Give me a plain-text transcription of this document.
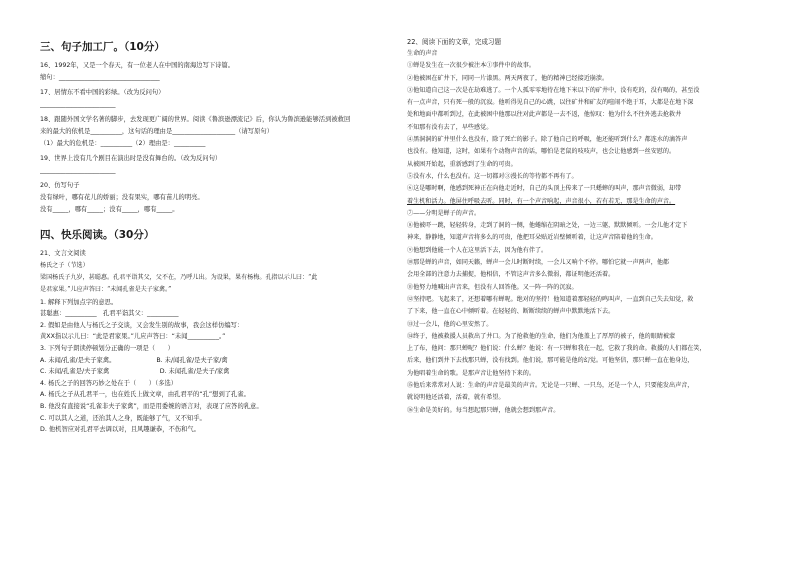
三、句子加工厂。（10分）
16、1992年，又是一个春天，有一位老人在中国的南海边写下诗篇。
缩句：________________________________
17、居情东不看中国的彩绿。（改为反问句）
________________________
18、跟随外国文学名著的脚步，去发现更广阔的世界。阅读《鲁滨逊漂流记》后，你认为鲁滨逊能够活到被救回
来的最大的依机是__________，这句话的理由是____________________（请写原句）
（1）最大的危机是：__________（2）理由是：__________
19、世界上没有几个剧目在演出时是没有舞台的。（改为反问句）
________________________
20、仿写句子
没有绿叶，哪有花儿的娇丽；没有果实，哪有苗儿的明亮。
没有_____，哪有_____；没有_____，哪有_____。
四、快乐阅读。（30分）
21、文言文阅读
杨氏之子（节选）
梁国杨氏子九岁，甚聪惠。孔君平诣其父，父不在，乃呼儿出。为设果，果有杨梅。孔指以示儿曰：“此
是君家果。”儿应声答曰：“未闻孔雀是夫子家禽。”
1. 解释下列加点字的意思。
甚聪惠：__________　孔君平诣其父：__________
2. 假如是由他人与杨氏之子交谈，又会发生别的故事，我会这样仿编写：
黄XX指以示儿曰：“此是君家果。”儿应声答曰：“未闻__________。”
3. 下列句子朗读停顿划分正确的一项是（　　）
A. 未闻/孔雀/是夫子家禽。　　　　　　　B. 未/闻孔雀/是夫子家/禽
C. 未闻/孔雀是/夫子家禽　　　　　　　　D. 未闻孔雀/是夫子/家禽
4. 杨氏之子的回答巧妙之处在于（　　）（多选）
A. 杨氏之子从孔君平一，也在姓氏上做文章，由孔君平的“孔”想到了孔雀。
B. 他没有直接说“孔雀非夫子家禽”，而是用委婉的语言对，表现了应答的乳意。
C. 可以其人之道，还治其人之身，既能够了气，又不知乎。
D. 他机智应对孔君平去调以对，且风趣谦恭，不伤和气。
22、阅读下面的文章，完成习题
生命的声音
①蝉是发生在一次很少被注本①事件中的故事。
②他被困在矿井下，同同一片漆黑。两天两夜了，他的精神已经接近崩溃。
③他知道自己这一次是在劫难逃了。一个人孤零零地待在地下米以下的矿井中，没有吃的，没有喝的，甚至没
有一点声音，只有死一般的沉寂。他听得见自己的心跳，以往矿井和矿友的喧闹不绝于耳，大都是在地下深
处和地面中都听到过，在此被困中他那以往对此声都是一去不返，他惊叹：他为什么不往外逃去抢救井
不知那有没有去了，早些感觉。
④黑洞洞的矿井里什么也没有，除了死亡的影子。除了他自己的呼吸，他还能听到什么？都连水的滴答声
也没有。他知道，这时，如果有个动物声音的话，哪怕是老鼠的吱吱声，也会让他感到一丝安慰的。
从被困开始起，重新感到了生命的可贵。
⑤没有水，什么也没有。这一切都对③漫长的等待都不再有了。
⑥这是哪时啊，他感到死神正在向他走近时，自己的头顶上传来了一只蟋蟀的叫声，那声音微弱，却带
着生机和活力。他屏住呼吸去听。同时，有一个声音响起，声音很小，若有若无，那是生命的声音。
⑦——分明是蝉子的声音。
⑧他被吓一跳，轻轻转身，走到了洞的一侧，他蜷缩在阴暗之处，一边三躯，默默倾听。一会儿他才定下
神来，静静地，知道声音将多么的可贵，他把耳朵贴近岩壁倾听着，让这声音陪着他的生命。
⑨他想到他能一个人在这里活下去，因为他有伴了。
⑩那是蝉的声音，如同天籁，蝉声一会儿时断时续，一会儿又响个不停。哪怕它就一声两声，他都
会用全部的注意力去捕捉，他相信，不管这声音多么微弱，都证明他还活着。
⑪他努力地喊出声音来，但没有人回答他。又一阵一阵的沉寂。
⑫坚持吧。飞起来了，还想着哪有蝉呢。绝对的坚持！他知道着那轻轻的鸣叫声，一直到自己失去知觉，救
了下来，他一直在心中倾听着。在轻轻的、断断续续的蝉声中默默地活下去。
⑬过一会儿，他的心里安然了。
⑭终于，他被救援人员救出了井口。为了抢救他的生命，他们为他盖上了厚厚的被子，他的眼睛被蒙
上了布，他问：那只蝉呢？他们说：什么蝉？他说：有一只蝉和我在一起，它救了我的命。救援的人们都在笑，
后来，他们到井下去找那只蝉，没有找到。他们说，那可能是他的幻觉。可他坚信，那只蝉一直在他身边，
为他唱着生命的歌。是那声音让他坚持下来的。
⑮他后来常常对人说：生命的声音是最美的声音。无论是一只蝉、一只鸟，还是一个人，只要能发出声音，
就说明他还活着，活着，就有希望。
⑯生命是美好的。每当想起那只蝉，他就会想到那声音。
